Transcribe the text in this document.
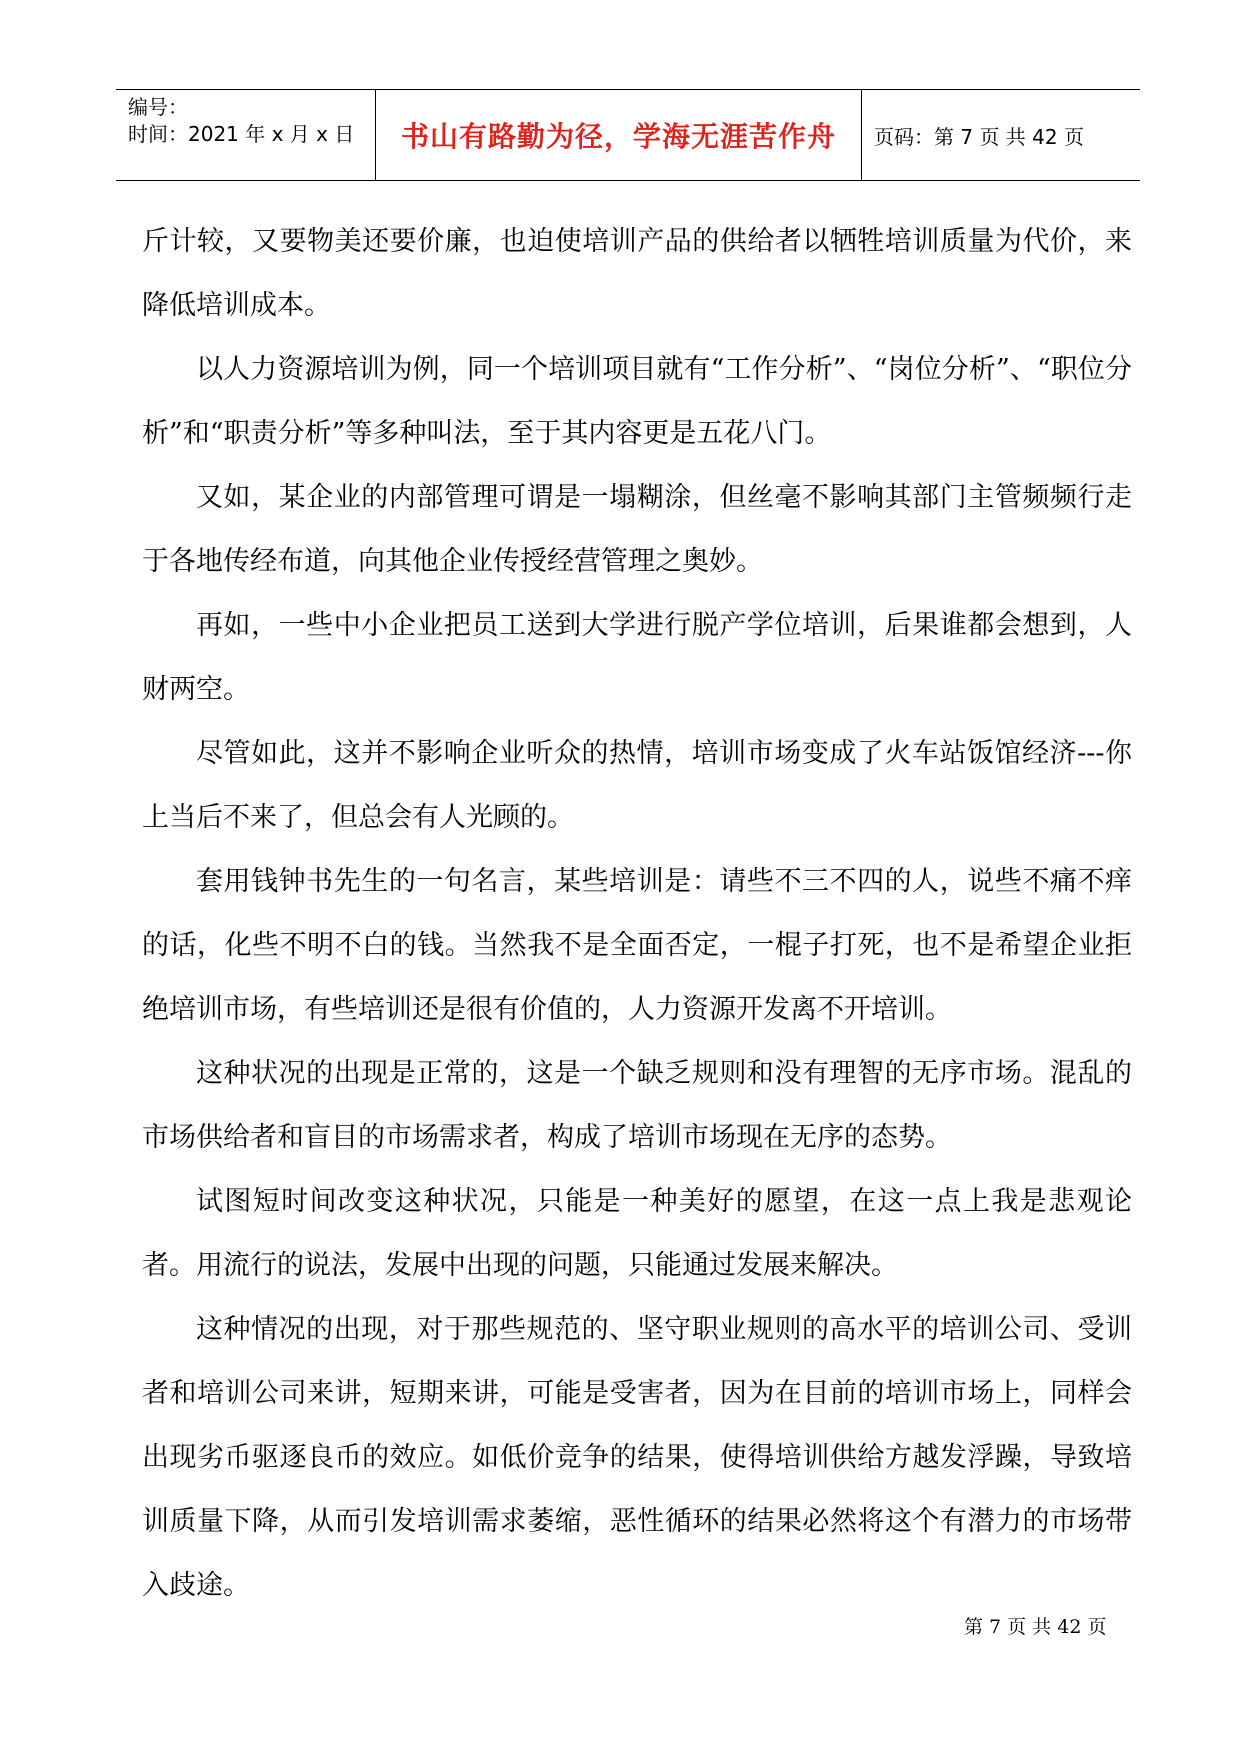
编号：
时间：2021 年 x 月 x 日	书山有路勤为径，学海无涯苦作舟	页码：第 7 页 共 42 页

斤计较，又要物美还要价廉，也迫使培训产品的供给者以牺牲培训质量为代价，来降低培训成本。

以人力资源培训为例，同一个培训项目就有“工作分析”、“岗位分析”、“职位分析”和“职责分析”等多种叫法，至于其内容更是五花八门。

又如，某企业的内部管理可谓是一塌糊涂，但丝毫不影响其部门主管频频行走于各地传经布道，向其他企业传授经营管理之奥妙。

再如，一些中小企业把员工送到大学进行脱产学位培训，后果谁都会想到，人财两空。

尽管如此，这并不影响企业听众的热情，培训市场变成了火车站饭馆经济---你上当后不来了，但总会有人光顾的。

套用钱钟书先生的一句名言，某些培训是：请些不三不四的人，说些不痛不痒的话，化些不明不白的钱。当然我不是全面否定，一棍子打死，也不是希望企业拒绝培训市场，有些培训还是很有价值的，人力资源开发离不开培训。

这种状况的出现是正常的，这是一个缺乏规则和没有理智的无序市场。混乱的市场供给者和盲目的市场需求者，构成了培训市场现在无序的态势。

试图短时间改变这种状况，只能是一种美好的愿望，在这一点上我是悲观论者。用流行的说法，发展中出现的问题，只能通过发展来解决。

这种情况的出现，对于那些规范的、坚守职业规则的高水平的培训公司、受训者和培训公司来讲，短期来讲，可能是受害者，因为在目前的培训市场上，同样会出现劣币驱逐良币的效应。如低价竞争的结果，使得培训供给方越发浮躁，导致培训质量下降，从而引发培训需求萎缩，恶性循环的结果必然将这个有潜力的市场带入歧途。

第 7 页 共 42 页
